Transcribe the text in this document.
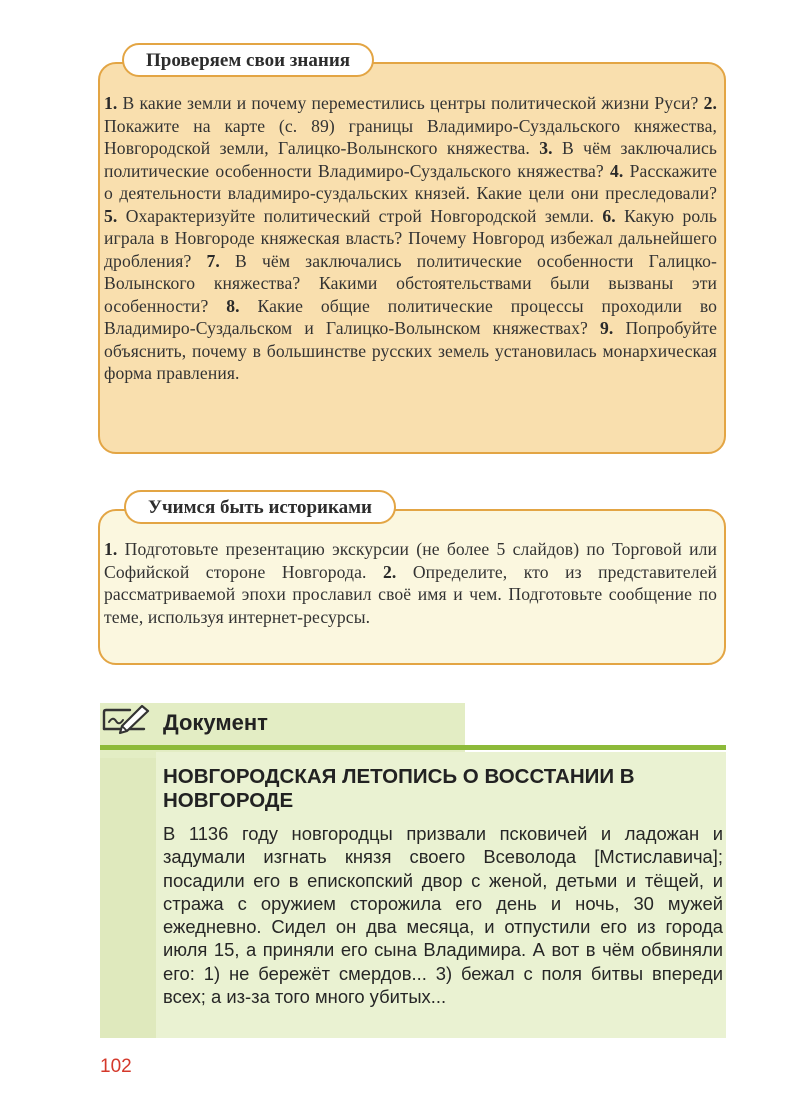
Проверяем свои знания
1. В какие земли и почему переместились центры политической жизни Руси? 2. Покажите на карте (с. 89) границы Владимиро-Суздальского княжества, Новгородской земли, Галицко-Волынского княжества. 3. В чём заключались политические особенности Владимиро-Суздальского княжества? 4. Расскажите о деятельности владимиро-суздальских князей. Какие цели они преследовали? 5. Охарактеризуйте политический строй Новгородской земли. 6. Какую роль играла в Новгороде княжеская власть? Почему Новгород избежал дальнейшего дробления? 7. В чём заключались политические особенности Галицко-Волынского княжества? Какими обстоятельствами были вызваны эти особенности? 8. Какие общие политические процессы проходили во Владимиро-Суздальском и Галицко-Волынском княжествах? 9. Попробуйте объяснить, почему в большинстве русских земель установилась монархическая форма правления.
Учимся быть историками
1. Подготовьте презентацию экскурсии (не более 5 слайдов) по Торговой или Софийской стороне Новгорода. 2. Определите, кто из представителей рассматриваемой эпохи прославил своё имя и чем. Подготовьте сообщение по теме, используя интернет-ресурсы.
Документ
НОВГОРОДСКАЯ ЛЕТОПИСЬ О ВОССТАНИИ В НОВГОРОДЕ
В 1136 году новгородцы призвали псковичей и ладожан и задумали изгнать князя своего Всеволода [Мстиславича]; посадили его в епископский двор с женой, детьми и тёщей, и стража с оружием сторожила его день и ночь, 30 мужей ежедневно. Сидел он два месяца, и отпустили его из города июля 15, а приняли его сына Владимира. А вот в чём обвиняли его: 1) не бережёт смердов... 3) бежал с поля битвы впереди всех; а из-за того много убитых...
102
